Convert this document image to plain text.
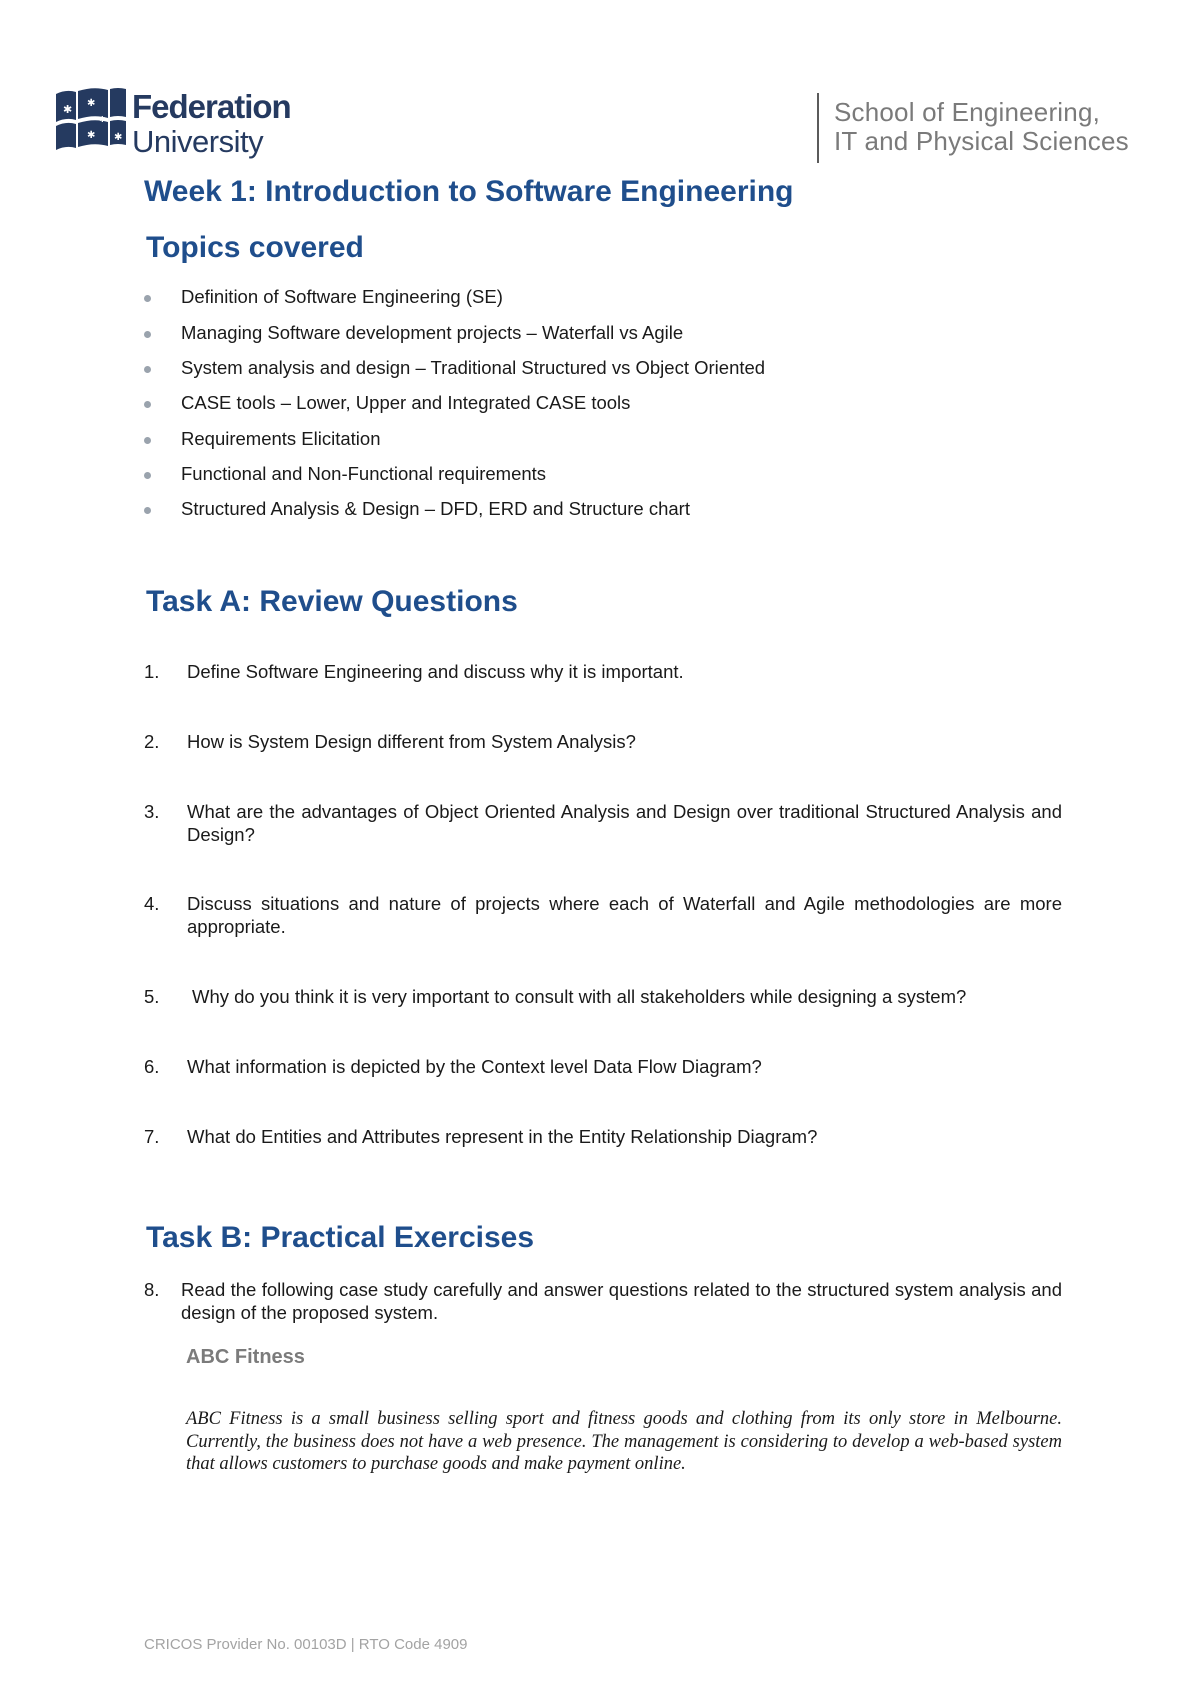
✱
✱
✱
✱
✱
Federation
University
School of Engineering,
IT and Physical Sciences
Week 1: Introduction to Software Engineering
Topics covered
Definition of Software Engineering (SE)
Managing Software development projects – Waterfall vs Agile
System analysis and design – Traditional Structured vs Object Oriented
CASE tools – Lower, Upper and Integrated CASE tools
Requirements Elicitation
Functional and Non-Functional requirements
Structured Analysis & Design – DFD, ERD and Structure chart
Task A: Review Questions
1. Define Software Engineering and discuss why it is important.
2. How is System Design different from System Analysis?
3. What are the advantages of Object Oriented Analysis and Design over traditional Structured Analysis and Design?
4. Discuss situations and nature of projects where each of Waterfall and Agile methodologies are more appropriate.
5. Why do you think it is very important to consult with all stakeholders while designing a system?
6. What information is depicted by the Context level Data Flow Diagram?
7. What do Entities and Attributes represent in the Entity Relationship Diagram?
Task B: Practical Exercises
8. Read the following case study carefully and answer questions related to the structured system analysis and design of the proposed system.
ABC Fitness
ABC Fitness is a small business selling sport and fitness goods and clothing from its only store in Melbourne. Currently, the business does not have a web presence. The management is considering to develop a web-based system that allows customers to purchase goods and make payment online.
CRICOS Provider No. 00103D | RTO Code 4909
